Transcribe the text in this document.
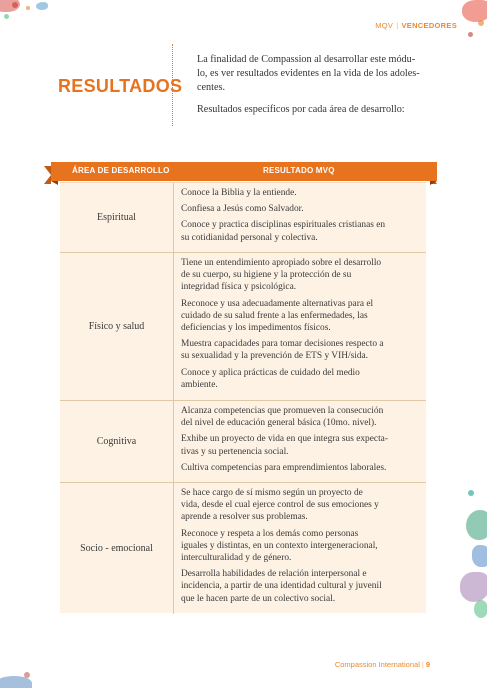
MQV | VENCEDORES
RESULTADOS

La finalidad de Compassion al desarrollar este módu-
lo, es ver resultados evidentes en la vida de los adoles-
centes.

Resultados específicos por cada área de desarrollo:

ÁREA DE DESARROLLO	RESULTADO MVQ
Espiritual

Conoce la Biblia y la entiende.

Confiesa a Jesús como Salvador.

Conoce y practica disciplinas espirituales cristianas en
su cotidianidad personal y colectiva.

Físico y salud

Tiene un entendimiento apropiado sobre el desarrollo
de su cuerpo, su higiene y la protección de su
integridad física y psicológica.

Reconoce y usa adecuadamente alternativas para el
cuidado de su salud frente a las enfermedades, las
deficiencias y los impedimentos físicos.

Muestra capacidades para tomar decisiones respecto a
su sexualidad y la prevención de ETS y VIH/sida.

Conoce y aplica prácticas de cuidado del medio
ambiente.

Cognitiva

Alcanza competencias que promueven la consecución
del nivel de educación general básica (10mo. nivel).

Exhibe un proyecto de vida en que integra sus expecta-
tivas y su pertenencia social.

Cultiva competencias para emprendimientos laborales.

Socio - emocional

Se hace cargo de sí mismo según un proyecto de
vida, desde el cual ejerce control de sus emociones y
aprende a resolver sus problemas.

Reconoce y respeta a los demás como personas
iguales y distintas, en un contexto intergeneracional,
interculturalidad y de género.

Desarrolla habilidades de relación interpersonal e
incidencia, a partir de una identidad cultural y juvenil
que le hacen parte de un colectivo social.

Compassion International | 9
